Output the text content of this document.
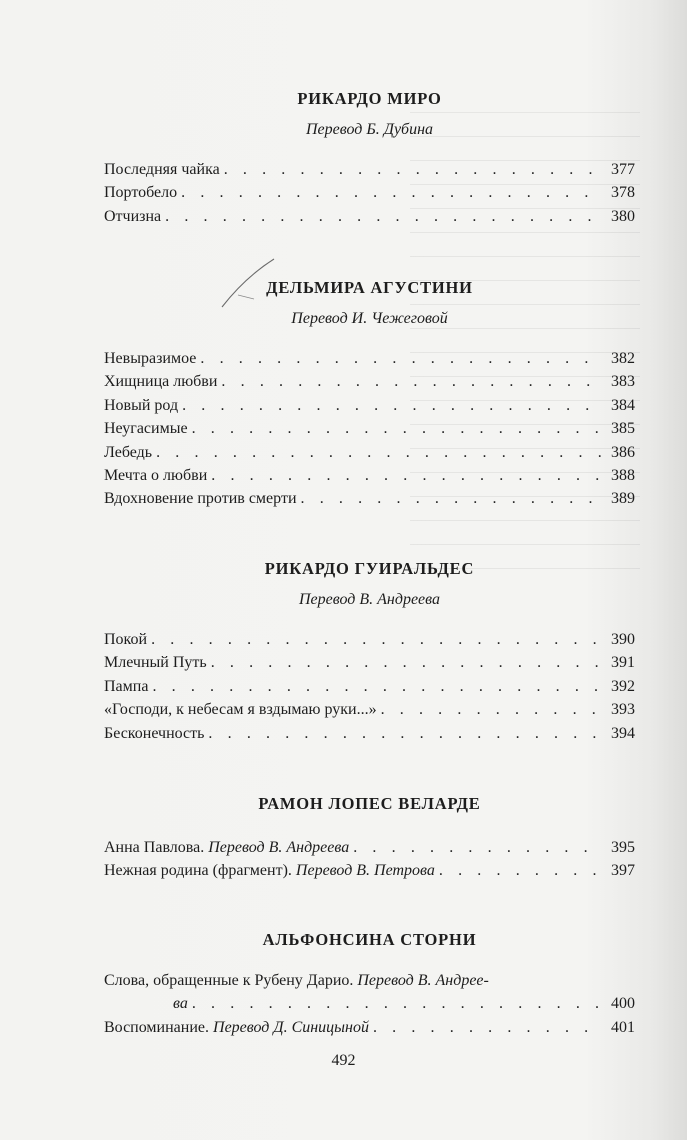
РИКАРДО МИРО
Перевод Б. Дубина
Последняя чайка . . .	377
Портобело . . .	378
Отчизна . . .	380
ДЕЛЬМИРА АГУСТИНИ
Перевод И. Чежеговой
Невыразимое . . .	382
Хищница любви . . .	383
Новый род . . .	384
Неугасимые . . .	385
Лебедь . . .	386
Мечта о любви . . .	388
Вдохновение против смерти . . .	389
РИКАРДО ГУИРАЛЬДЕС
Перевод В. Андреева
Покой . . .	390
Млечный Путь . . .	391
Пампа . . .	392
«Господи, к небесам я вздымаю руки...» . . .	393
Бесконечность . . .	394
РАМОН ЛОПЕС ВЕЛАРДЕ
Анна Павлова. Перевод В. Андреева . . .	395
Нежная родина (фрагмент). Перевод В. Петрова . . .	397
АЛЬФОНСИНА СТОРНИ
Слова, обращенные к Рубену Дарио. Перевод В. Андрее-
ва . . .	400
Воспоминание. Перевод Д. Синицыной . . .	401
492
